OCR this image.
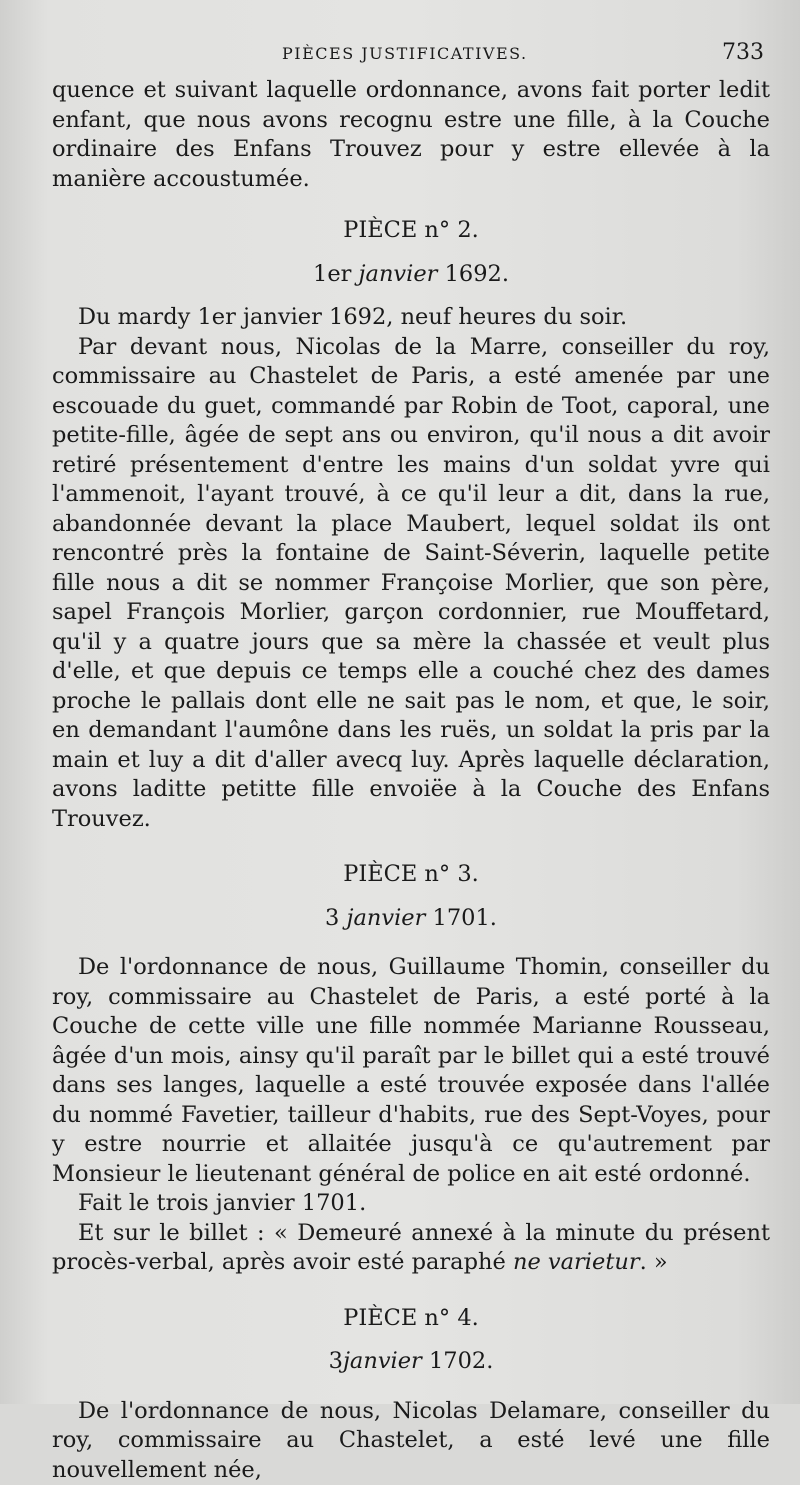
PIÈCES JUSTIFICATIVES.	733

quence et suivant laquelle ordonnance, avons fait porter ledit enfant, que nous avons recognu estre une fille, à la Couche ordinaire des Enfans Trouvez pour y estre ellevée à la manière accoustumée.

PIÈCE n° 2.
1er janvier 1692.

Du mardy 1er janvier 1692, neuf heures du soir.

Par devant nous, Nicolas de la Marre, conseiller du roy, commissaire au Chastelet de Paris, a esté amenée par une escouade du guet, commandé par Robin de Toot, caporal, une petite-fille, âgée de sept ans ou environ, qu'il nous a dit avoir retiré présentement d'entre les mains d'un soldat yvre qui l'ammenoit, l'ayant trouvé, à ce qu'il leur a dit, dans la rue, abandonnée devant la place Maubert, lequel soldat ils ont rencontré près la fontaine de Saint-Séverin, laquelle petite fille nous a dit se nommer Françoise Morlier, que son père, sapel François Morlier, garçon cordonnier, rue Mouffetard, qu'il y a quatre jours que sa mère la chassée et veult plus d'elle, et que depuis ce temps elle a couché chez des dames proche le pallais dont elle ne sait pas le nom, et que, le soir, en demandant l'aumône dans les ruës, un soldat la pris par la main et luy a dit d'aller avecq luy. Après laquelle déclaration, avons laditte petitte fille envoiëe à la Couche des Enfans Trouvez.

PIÈCE n° 3.
3 janvier 1701.

De l'ordonnance de nous, Guillaume Thomin, conseiller du roy, commissaire au Chastelet de Paris, a esté porté à la Couche de cette ville une fille nommée Marianne Rousseau, âgée d'un mois, ainsy qu'il paraît par le billet qui a esté trouvé dans ses langes, laquelle a esté trouvée exposée dans l'allée du nommé Favetier, tailleur d'habits, rue des Sept-Voyes, pour y estre nourrie et allaitée jusqu'à ce qu'autrement par Monsieur le lieutenant général de police en ait esté ordonné.

Fait le trois janvier 1701.

Et sur le billet : « Demeuré annexé à la minute du présent procès-verbal, après avoir esté paraphé ne varietur. »

PIÈCE n° 4.
3janvier 1702.

De l'ordonnance de nous, Nicolas Delamare, conseiller du roy, commissaire au Chastelet, a esté levé une fille nouvellement née,
